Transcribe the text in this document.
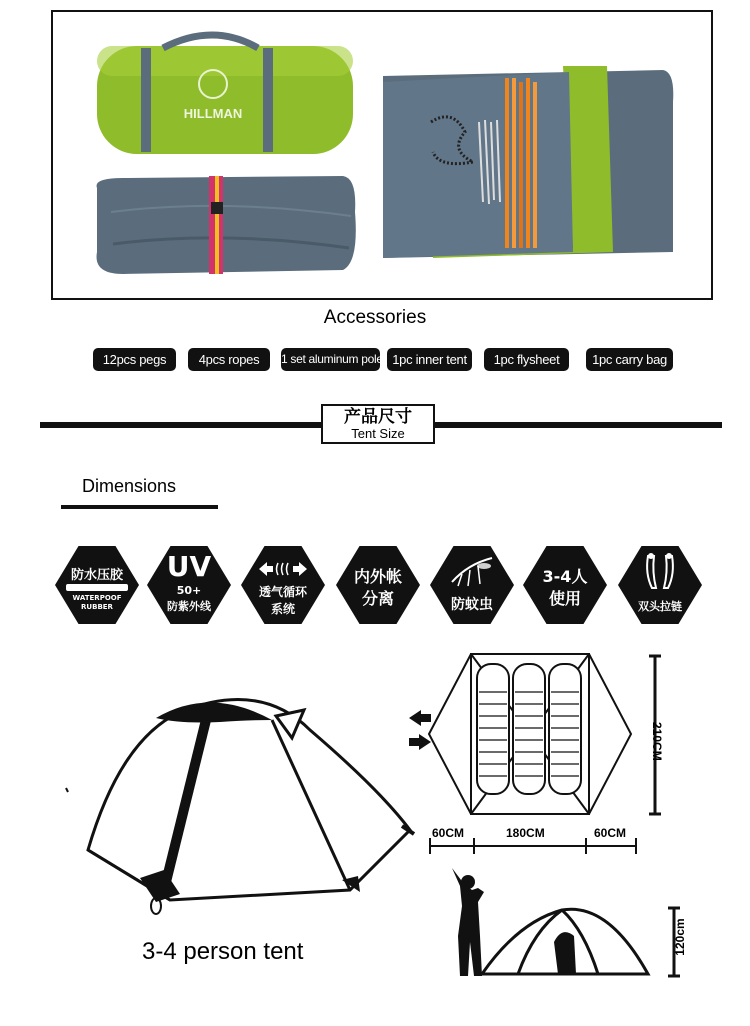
HILLMAN
Accessories
12pcs pegs	4pcs ropes	1 set aluminum pole 1pc inner tent	1pc flysheet	1pc carry bag
产品尺寸
Tent Size
Dimensions
防水压胶
WATERPOOF
RUBBER
UV
50+
防紫外线
透气循环
系统
内外帐
分离	防蚊虫
3-4人
使用	双头拉链
3-4 person tent
210CM
60CM	180CM	60CM
120cm
